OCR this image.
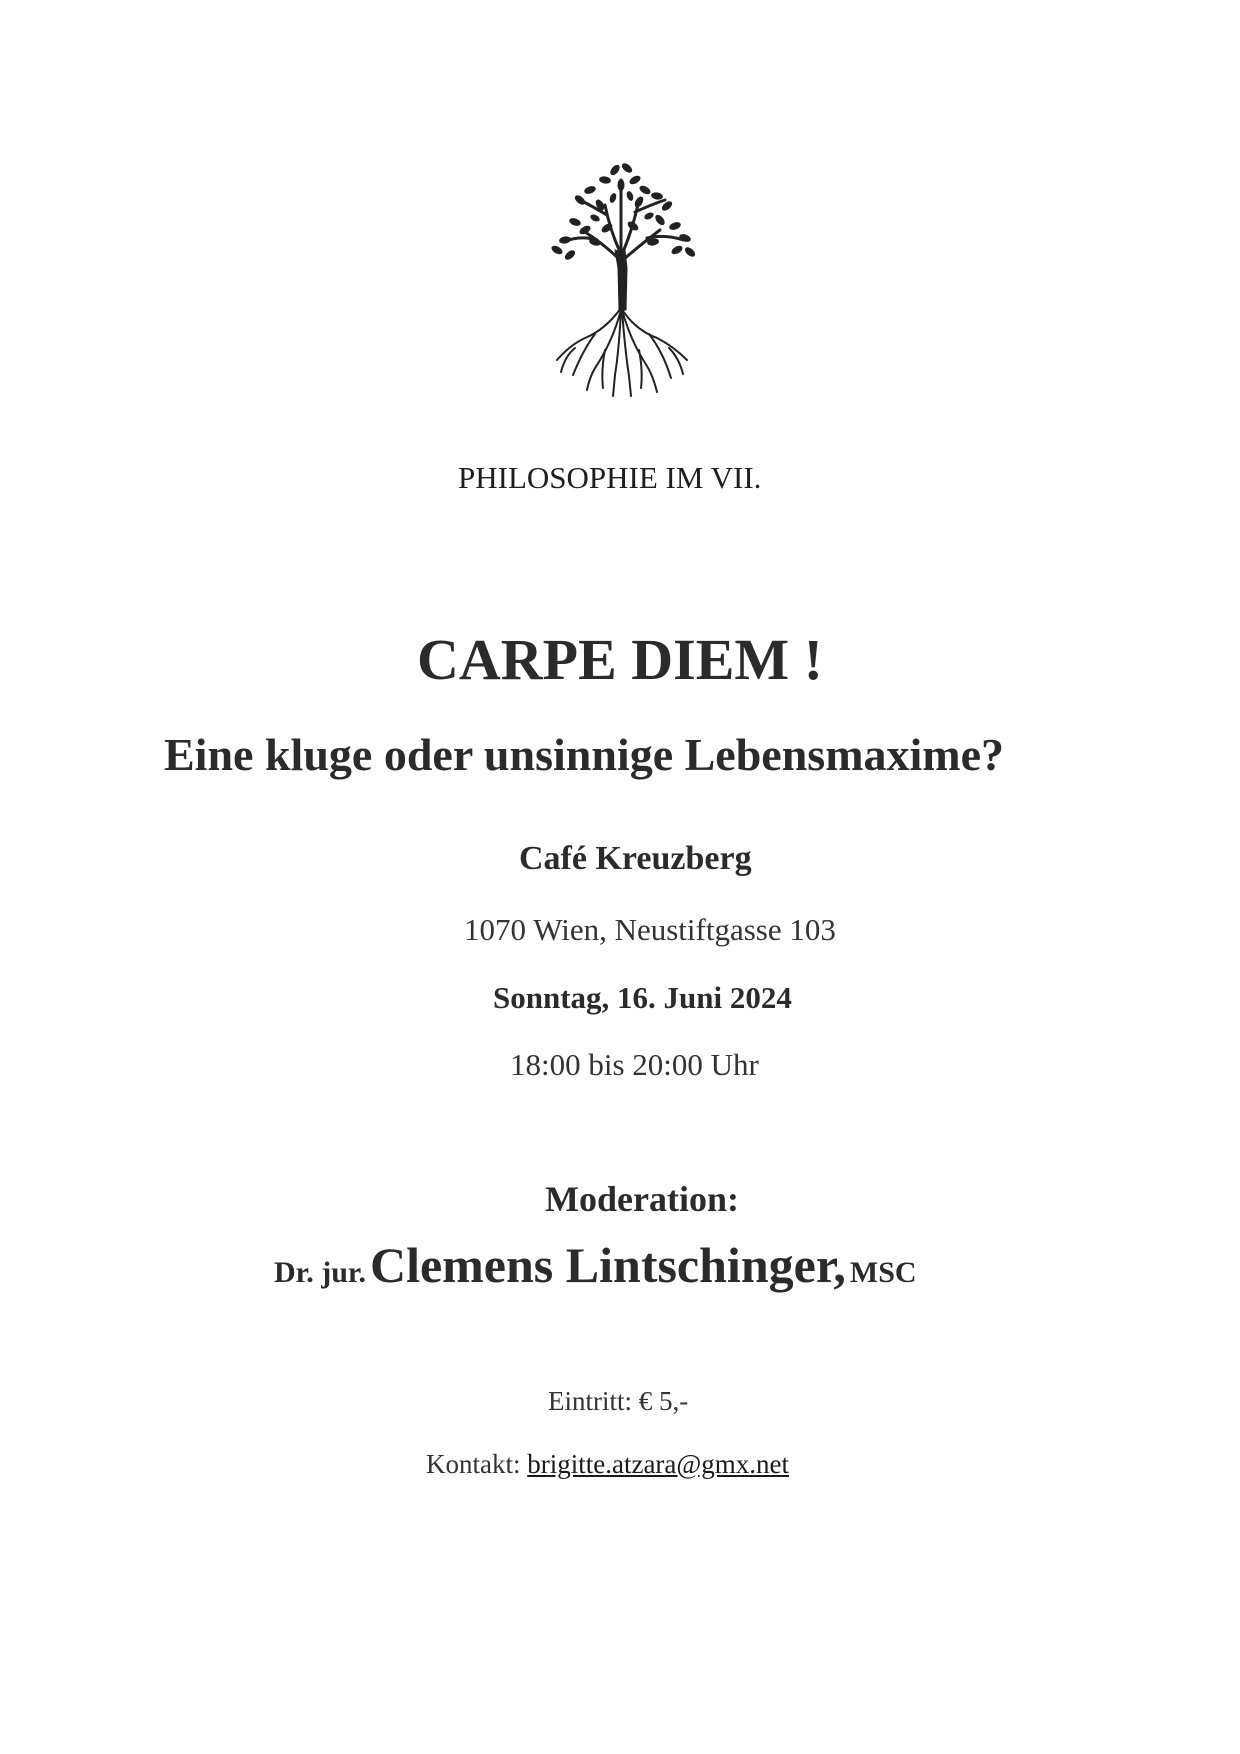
PHILOSOPHIE IM VII.
CARPE DIEM !
Eine kluge oder unsinnige Lebensmaxime?
Café Kreuzberg
1070 Wien, Neustiftgasse 103
Sonntag, 16. Juni 2024
18:00 bis 20:00 Uhr
Moderation:
Dr. jur. Clemens Lintschinger, MSC
Eintritt: € 5,-
Kontakt: brigitte.atzara@gmx.net
